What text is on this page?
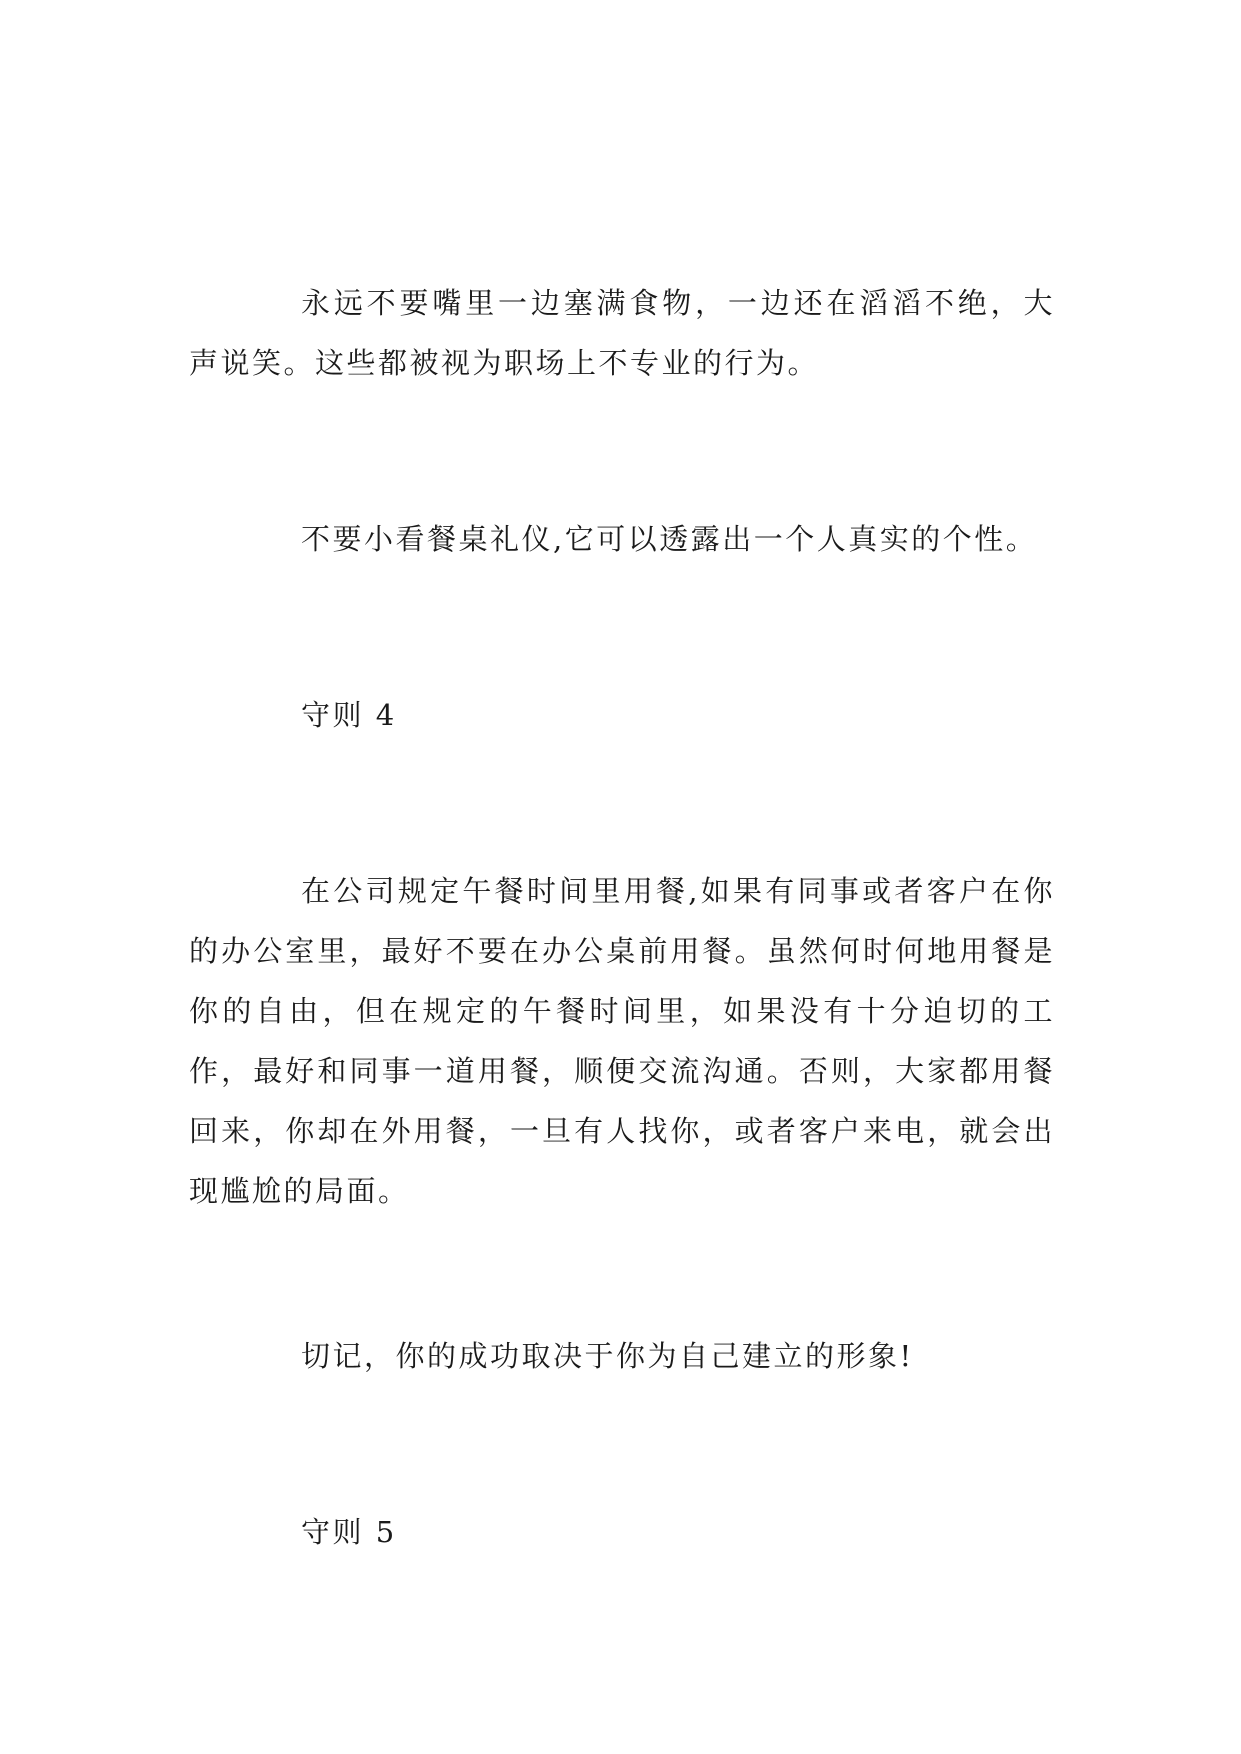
永远不要嘴里一边塞满食物，一边还在滔滔不绝，大声说笑。这些都被视为职场上不专业的行为。

不要小看餐桌礼仪,它可以透露出一个人真实的个性。

守则 4

在公司规定午餐时间里用餐,如果有同事或者客户在你的办公室里，最好不要在办公桌前用餐。虽然何时何地用餐是你的自由，但在规定的午餐时间里，如果没有十分迫切的工作，最好和同事一道用餐，顺便交流沟通。否则，大家都用餐回来，你却在外用餐，一旦有人找你，或者客户来电，就会出现尴尬的局面。

切记，你的成功取决于你为自己建立的形象!

守则 5
